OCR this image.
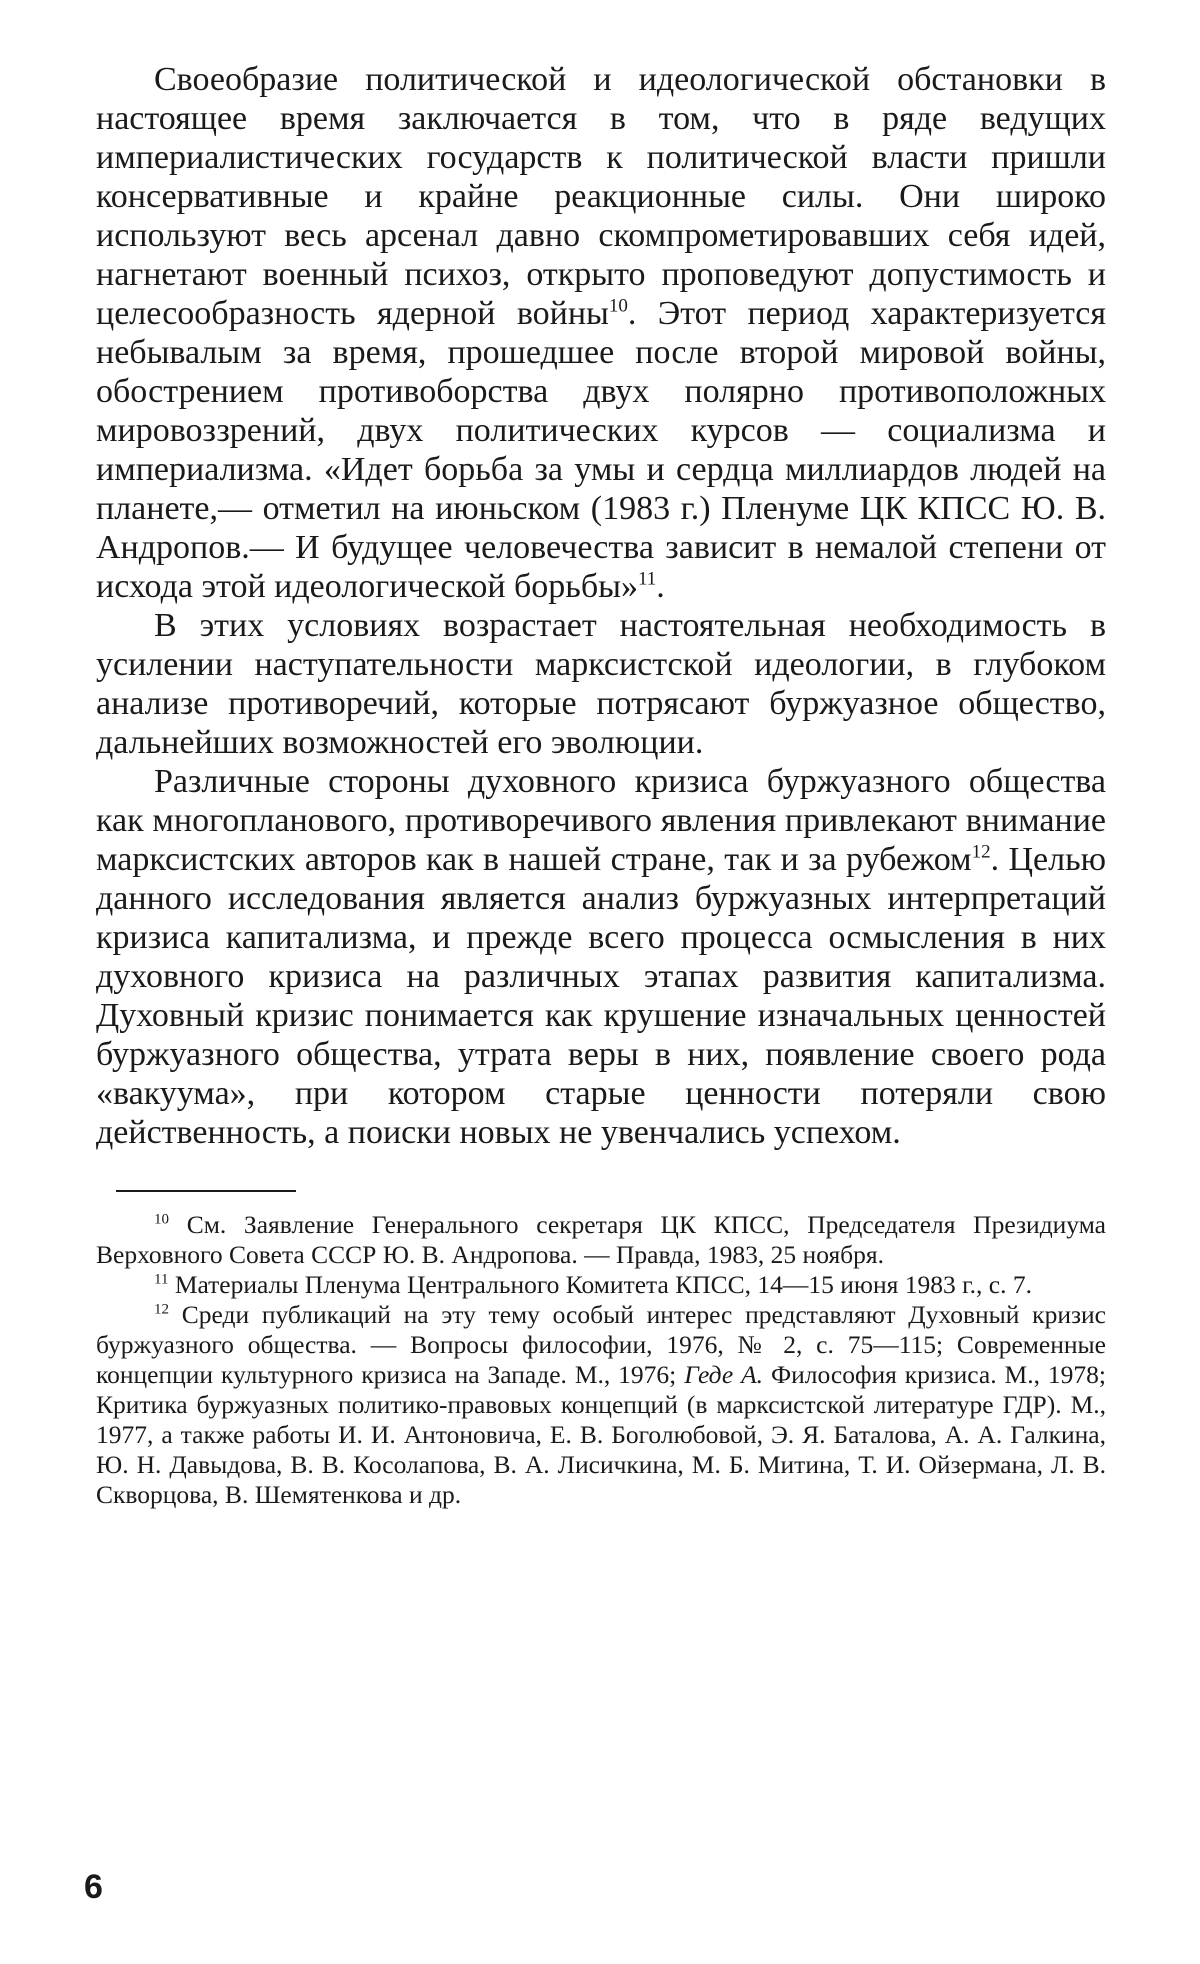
Своеобразие политической и идеологической обстановки в настоящее время заключается в том, что в ряде ведущих империалистических государств к политической власти пришли консервативные и крайне реакционные силы. Они широко используют весь арсенал давно скомпрометировавших себя идей, нагнетают военный психоз, открыто проповедуют допустимость и целесообразность ядерной войны$^{10}$. Этот период характеризуется небывалым за время, прошедшее после второй мировой войны, обострением противоборства двух полярно противоположных мировоззрений, двух политических курсов — социализма и империализма. «Идет борьба за умы и сердца миллиардов людей на планете,— отметил на июньском (1983 г.) Пленуме ЦК КПСС Ю. В. Андропов.— И будущее человечества зависит в немалой степени от исхода этой идеологической борьбы»$^{11}$.

В этих условиях возрастает настоятельная необходимость в усилении наступательности марксистской идеологии, в глубоком анализе противоречий, которые потрясают буржуазное общество, дальнейших возможностей его эволюции.

Различные стороны духовного кризиса буржуазного общества как многопланового, противоречивого явления привлекают внимание марксистских авторов как в нашей стране, так и за рубежом$^{12}$. Целью данного исследования является анализ буржуазных интерпретаций кризиса капитализма, и прежде всего процесса осмысления в них духовного кризиса на различных этапах развития капитализма. Духовный кризис понимается как крушение изначальных ценностей буржуазного общества, утрата веры в них, появление своего рода «вакуума», при котором старые ценности потеряли свою действенность, а поиски новых не увенчались успехом.

$^{10}$ См. Заявление Генерального секретаря ЦК КПСС, Председателя Президиума Верховного Совета СССР Ю. В. Андропова. — Правда, 1983, 25 ноября.

$^{11}$ Материалы Пленума Центрального Комитета КПСС, 14—15 июня 1983 г., с. 7.

$^{12}$ Среди публикаций на эту тему особый интерес представляют Духовный кризис буржуазного общества. — Вопросы философии, 1976, № 2, с. 75—115; Современные концепции культурного кризиса на Западе. М., 1976; Геде А. Философия кризиса. М., 1978; Критика буржуазных политико-правовых концепций (в марксистской литературе ГДР). М., 1977, а также работы И. И. Антоновича, Е. В. Боголюбовой, Э. Я. Баталова, А. А. Галкина, Ю. Н. Давыдова, В. В. Косолапова, В. А. Лисичкина, М. Б. Митина, Т. И. Ойзермана, Л. В. Скворцова, В. Шемятенкова и др.

6
